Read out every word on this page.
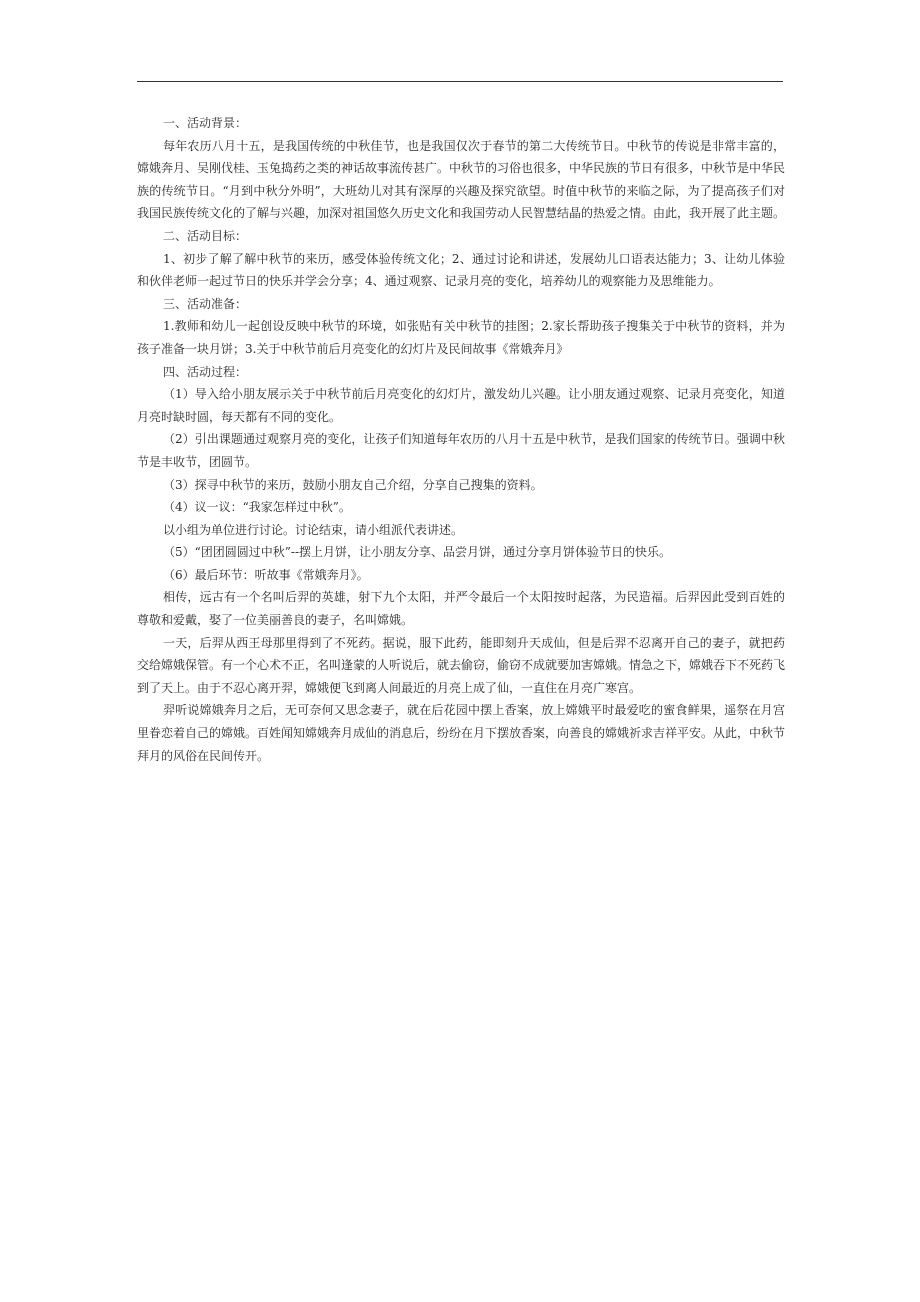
一、活动背景：

每年农历八月十五，是我国传统的中秋佳节，也是我国仅次于春节的第二大传统节日。中秋节的传说是非常丰富的，嫦娥奔月、吴刚伐桂、玉兔捣药之类的神话故事流传甚广。中秋节的习俗也很多，中华民族的节日有很多，中秋节是中华民族的传统节日。“月到中秋分外明”，大班幼儿对其有深厚的兴趣及探究欲望。时值中秋节的来临之际，为了提高孩子们对我国民族传统文化的了解与兴趣，加深对祖国悠久历史文化和我国劳动人民智慧结晶的热爱之情。由此，我开展了此主题。

二、活动目标：

1、初步了解了解中秋节的来历，感受体验传统文化；2、通过讨论和讲述，发展幼儿口语表达能力；3、让幼儿体验和伙伴老师一起过节日的快乐并学会分享；4、通过观察、记录月亮的变化，培养幼儿的观察能力及思维能力。

三、活动准备：

1.教师和幼儿一起创设反映中秋节的环境，如张贴有关中秋节的挂图；2.家长帮助孩子搜集关于中秋节的资料，并为孩子准备一块月饼；3.关于中秋节前后月亮变化的幻灯片及民间故事《常娥奔月》

四、活动过程：

（1）导入给小朋友展示关于中秋节前后月亮变化的幻灯片，激发幼儿兴趣。让小朋友通过观察、记录月亮变化，知道月亮时缺时圆，每天都有不同的变化。

（2）引出课题通过观察月亮的变化，让孩子们知道每年农历的八月十五是中秋节，是我们国家的传统节日。强调中秋节是丰收节，团圆节。

（3）探寻中秋节的来历，鼓励小朋友自己介绍，分享自己搜集的资料。

（4）议一议：“我家怎样过中秋”。

以小组为单位进行讨论。讨论结束，请小组派代表讲述。

（5）“团团圆圆过中秋”--摆上月饼，让小朋友分享、品尝月饼，通过分享月饼体验节日的快乐。

（6）最后环节：听故事《常娥奔月》。

相传，远古有一个名叫后羿的英雄，射下九个太阳，并严令最后一个太阳按时起落，为民造福。后羿因此受到百姓的尊敬和爱戴，娶了一位美丽善良的妻子，名叫嫦娥。

一天，后羿从西王母那里得到了不死药。据说，服下此药，能即刻升天成仙，但是后羿不忍离开自己的妻子，就把药交给嫦娥保管。有一个心术不正，名叫逢蒙的人听说后，就去偷窃，偷窃不成就要加害嫦娥。情急之下，嫦娥吞下不死药飞到了天上。由于不忍心离开羿，嫦娥便飞到离人间最近的月亮上成了仙，一直住在月亮广寒宫。

羿听说嫦娥奔月之后，无可奈何又思念妻子，就在后花园中摆上香案，放上嫦娥平时最爱吃的蜜食鲜果，遥祭在月宫里眷恋着自己的嫦娥。百姓闻知嫦娥奔月成仙的消息后，纷纷在月下摆放香案，向善良的嫦娥祈求吉祥平安。从此，中秋节拜月的风俗在民间传开。
